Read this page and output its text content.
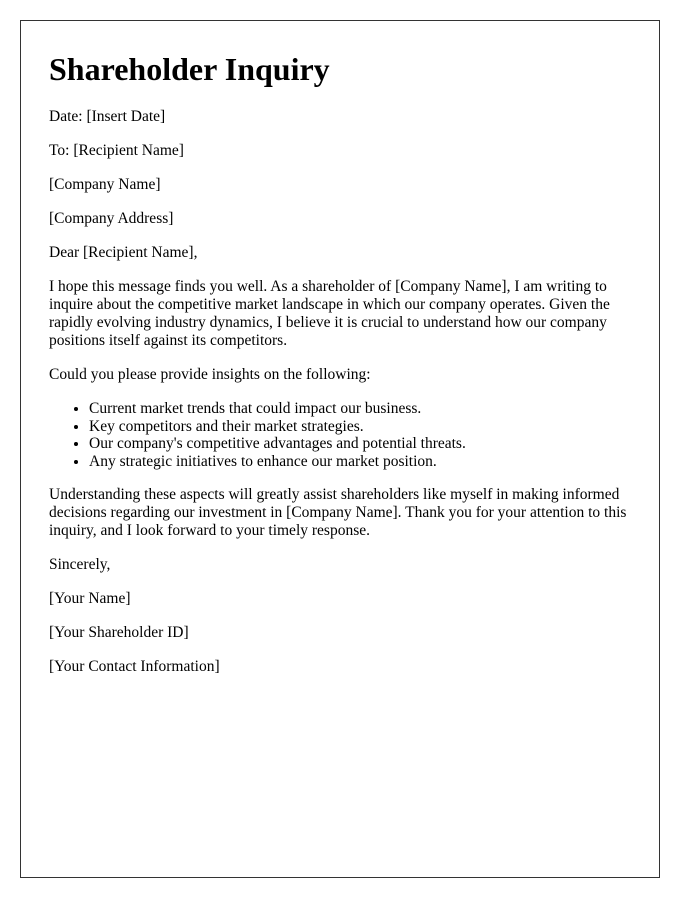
Shareholder Inquiry

Date: [Insert Date]

To: [Recipient Name]

[Company Name]

[Company Address]

Dear [Recipient Name],

I hope this message finds you well. As a shareholder of [Company Name], I am writing to inquire about the competitive market landscape in which our company operates. Given the rapidly evolving industry dynamics, I believe it is crucial to understand how our company positions itself against its competitors.

Could you please provide insights on the following:

• Current market trends that could impact our business.
• Key competitors and their market strategies.
• Our company's competitive advantages and potential threats.
• Any strategic initiatives to enhance our market position.

Understanding these aspects will greatly assist shareholders like myself in making informed decisions regarding our investment in [Company Name]. Thank you for your attention to this inquiry, and I look forward to your timely response.

Sincerely,

[Your Name]

[Your Shareholder ID]

[Your Contact Information]
